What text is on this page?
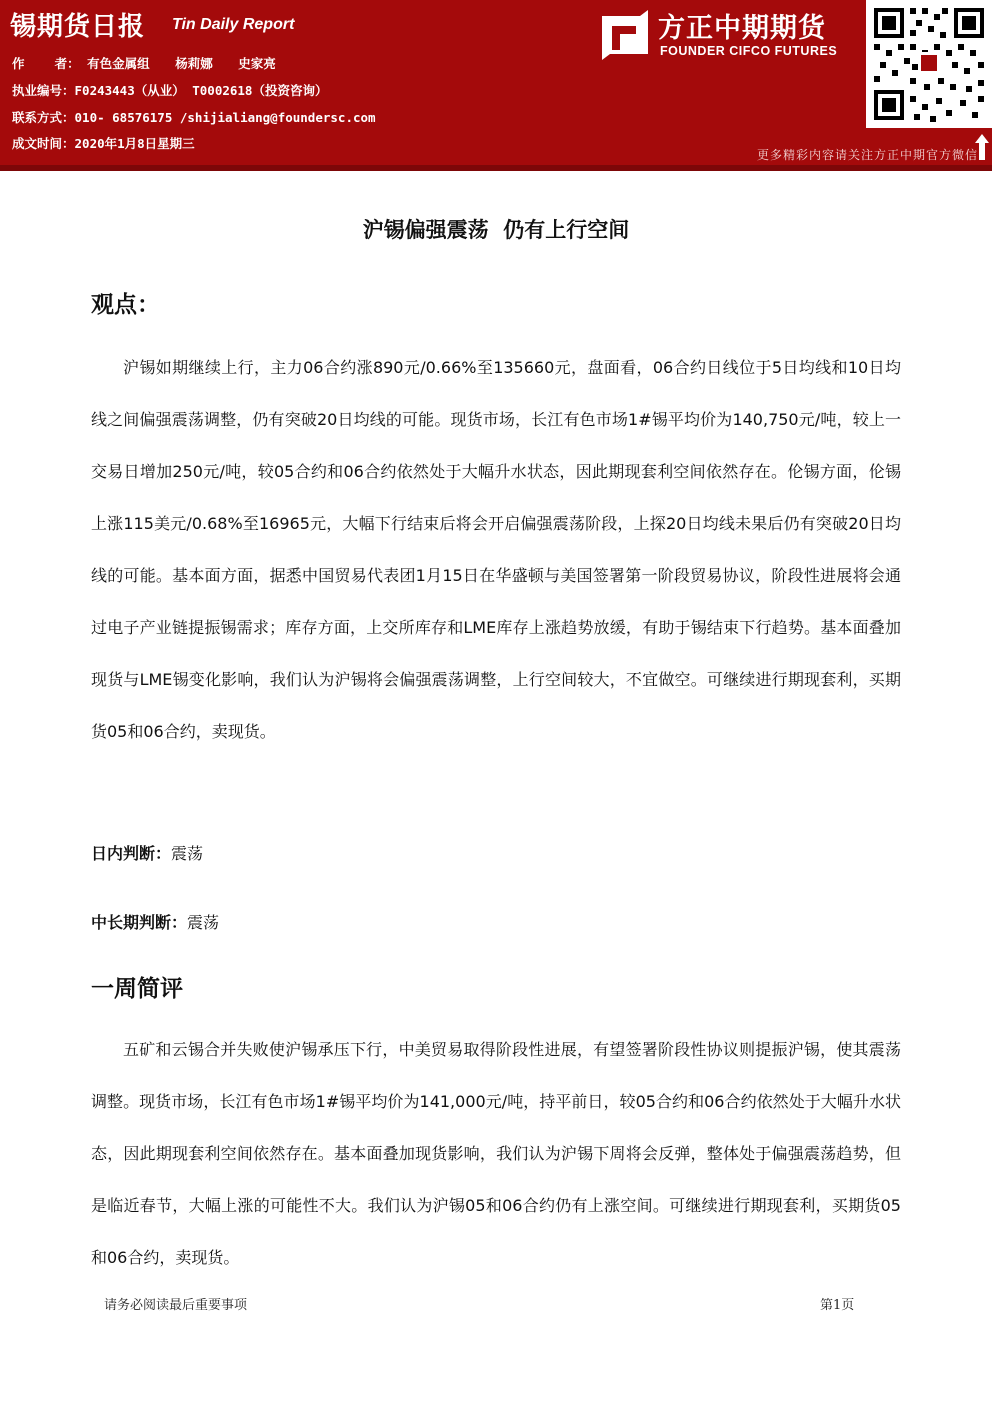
锡期货日报 Tin Daily Report
作    者： 有色金属组 杨莉娜 史家亮
执业编号：F0243443（从业） T0002618（投资咨询）
联系方式：010- 68576175 /shijialiang@foundersc.com
成文时间：2020年1月8日星期三
方正中期期货
FOUNDER CIFCO FUTURES
更多精彩内容请关注方正中期官方微信
沪锡偏强震荡  仍有上行空间
观点：

沪锡如期继续上行，主力06合约涨890元/0.66%至135660元，盘面看，06合约日线位于5日均线和10日均线之间偏强震荡调整，仍有突破20日均线的可能。现货市场，长江有色市场1#锡平均价为140,750元/吨，较上一交易日增加250元/吨，较05合约和06合约依然处于大幅升水状态，因此期现套利空间依然存在。伦锡方面，伦锡上涨115美元/0.68%至16965元，大幅下行结束后将会开启偏强震荡阶段，上探20日均线未果后仍有突破20日均线的可能。基本面方面，据悉中国贸易代表团1月15日在华盛顿与美国签署第一阶段贸易协议，阶段性进展将会通过电子产业链提振锡需求；库存方面，上交所库存和LME库存上涨趋势放缓，有助于锡结束下行趋势。基本面叠加现货与LME锡变化影响，我们认为沪锡将会偏强震荡调整，上行空间较大，不宜做空。可继续进行期现套利，买期货05和06合约，卖现货。

日内判断：震荡
中长期判断：震荡
一周简评

五矿和云锡合并失败使沪锡承压下行，中美贸易取得阶段性进展，有望签署阶段性协议则提振沪锡，使其震荡调整。现货市场，长江有色市场1#锡平均价为141,000元/吨，持平前日，较05合约和06合约依然处于大幅升水状态，因此期现套利空间依然存在。基本面叠加现货影响，我们认为沪锡下周将会反弹，整体处于偏强震荡趋势，但是临近春节，大幅上涨的可能性不大。我们认为沪锡05和06合约仍有上涨空间。可继续进行期现套利，买期货05和06合约，卖现货。

请务必阅读最后重要事项	第1页
